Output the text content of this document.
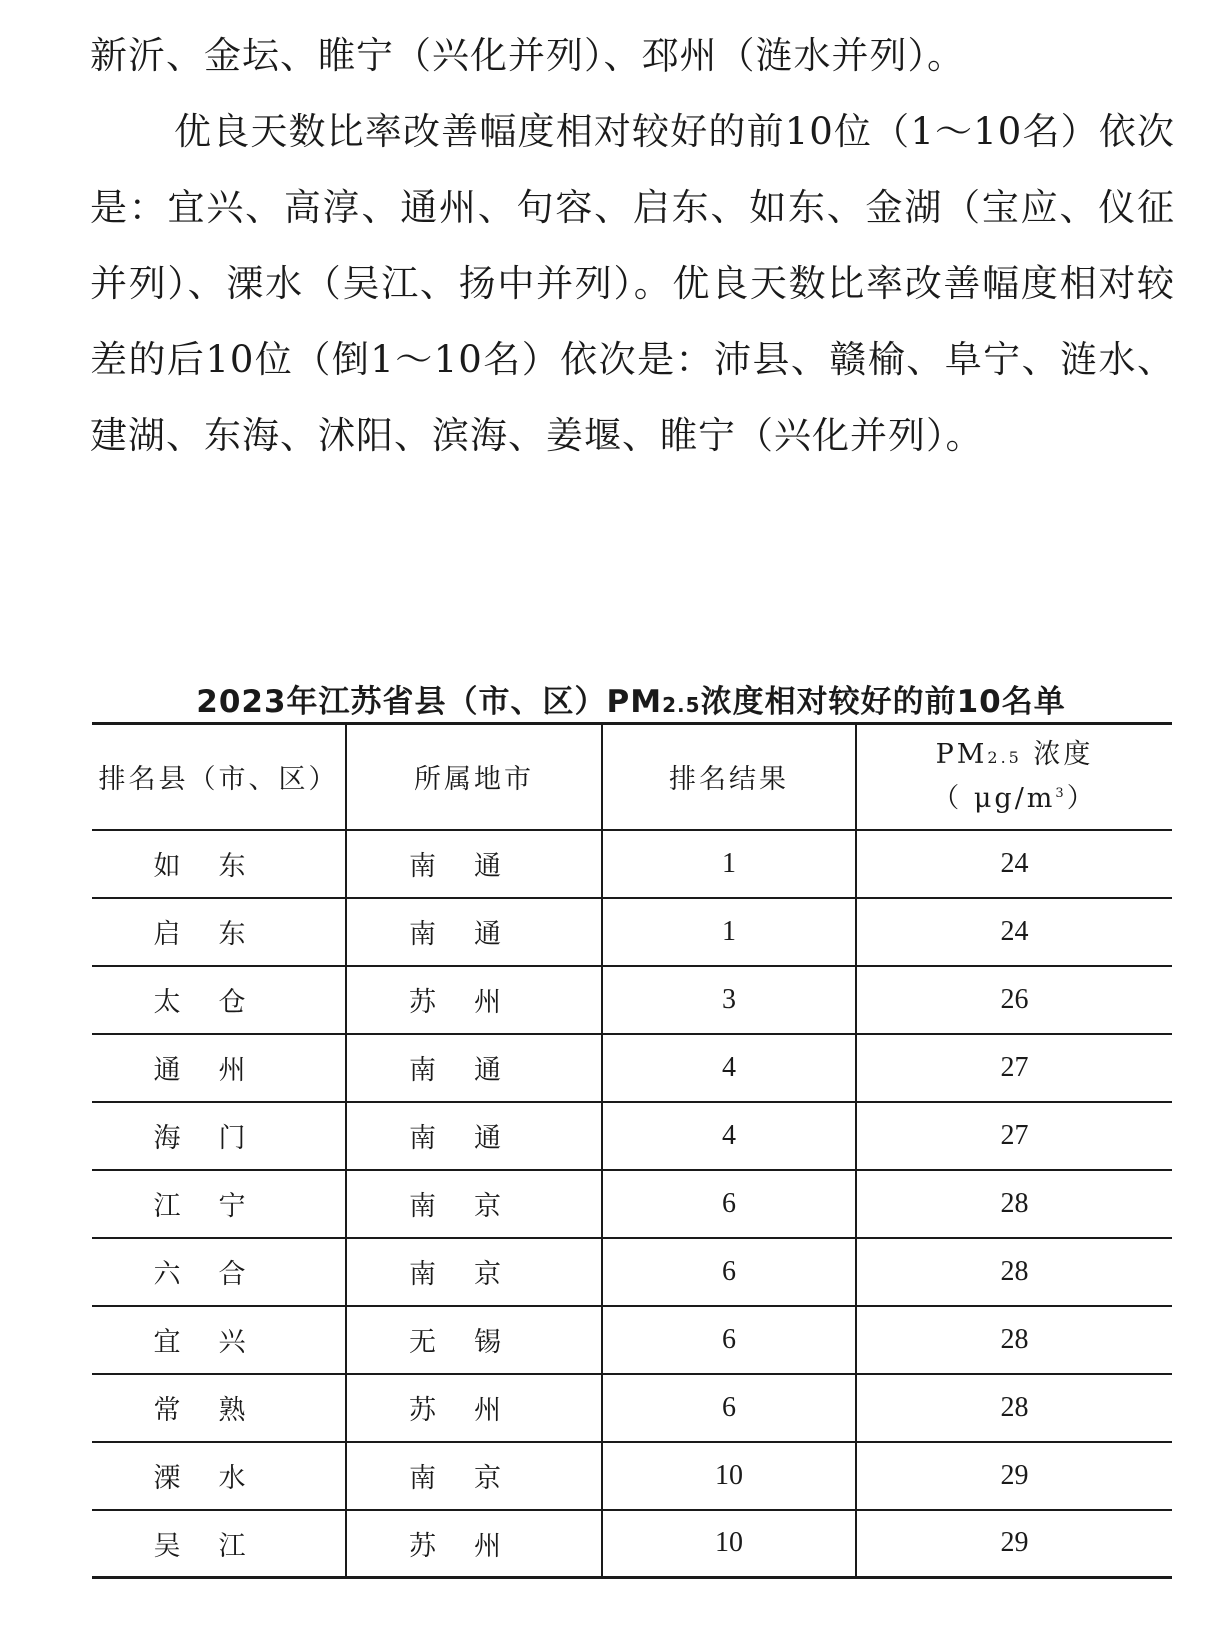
新沂、金坛、睢宁（兴化并列）、邳州（涟水并列）。

优良天数比率改善幅度相对较好的前10位（1～10名）依次是：宜兴、高淳、通州、句容、启东、如东、金湖（宝应、仪征并列）、溧水（吴江、扬中并列）。优良天数比率改善幅度相对较差的后10位（倒1～10名）依次是：沛县、赣榆、阜宁、涟水、建湖、东海、沭阳、滨海、姜堰、睢宁（兴化并列）。

2023年江苏省县（市、区）PM2.5浓度相对较好的前10名单
排名县（市、区）	所属地市	排名结果	PM2.5 浓度
（ $\mu g/m^3$）

如东	南通	1	24
启东	南通	1	24
太仓	苏州	3	26
通州	南通	4	27
海门	南通	4	27
江宁	南京	6	28
六合	南京	6	28
宜兴	无锡	6	28
常熟	苏州	6	28
溧水	南京	10	29
吴江	苏州	10	29
